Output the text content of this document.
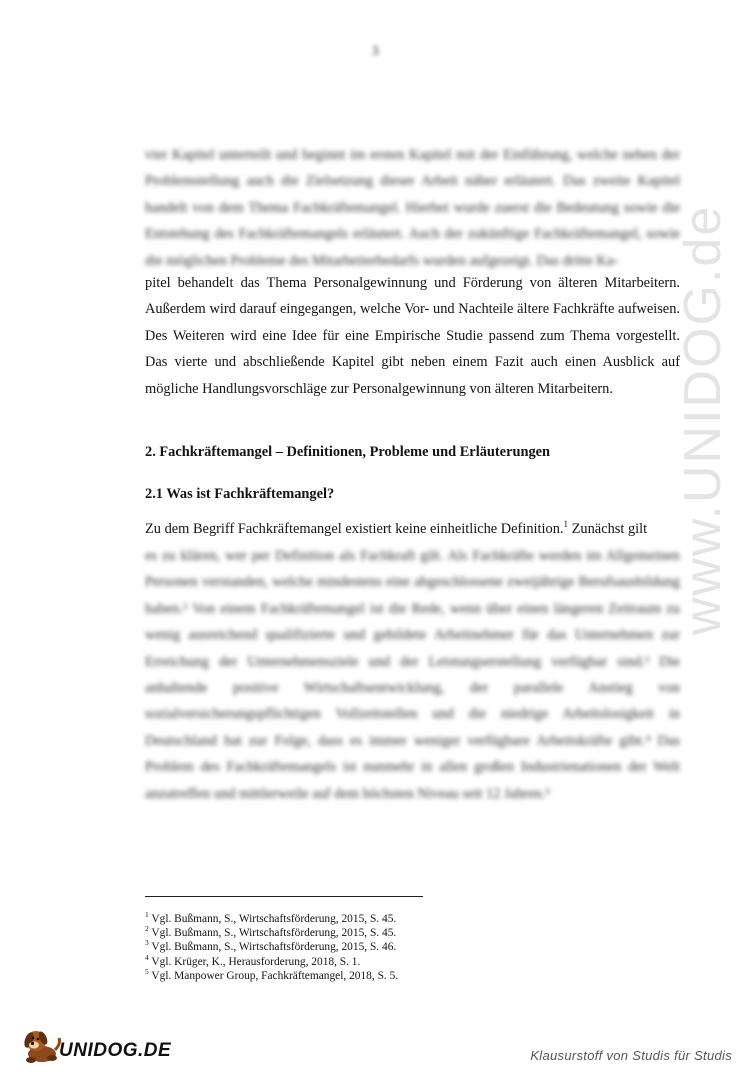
3

vier Kapitel unterteilt und beginnt im ersten Kapitel mit der Einführung, welche neben der Problemstellung auch die Zielsetzung dieser Arbeit näher erläutert. Das zweite Kapitel handelt von dem Thema Fachkräftemangel. Hierbei wurde zuerst die Bedeutung sowie die Entstehung des Fachkräftemangels erläutert. Auch der zukünftige Fachkräftemangel, sowie die möglichen Probleme des Mitarbeiterbedarfs wurden aufgezeigt. Das dritte Ka-

pitel behandelt das Thema Personalgewinnung und Förderung von älteren Mitarbeitern. Außerdem wird darauf eingegangen, welche Vor- und Nachteile ältere Fachkräfte aufweisen. Des Weiteren wird eine Idee für eine Empirische Studie passend zum Thema vorgestellt. Das vierte und abschließende Kapitel gibt neben einem Fazit auch einen Ausblick auf mögliche Handlungsvorschläge zur Personalgewinnung von älteren Mitarbeitern.

2. Fachkräftemangel – Definitionen, Probleme und Erläuterungen
2.1 Was ist Fachkräftemangel?

Zu dem Begriff Fachkräftemangel existiert keine einheitliche Definition.$^1$ Zunächst gilt

es zu klären, wer per Definition als Fachkraft gilt. Als Fachkräfte werden im Allgemeinen Personen verstanden, welche mindestens eine abgeschlossene zweijährige Berufsausbildung haben.² Von einem Fachkräftemangel ist die Rede, wenn über einen längeren Zeitraum zu wenig ausreichend qualifizierte und gebildete Arbeitnehmer für das Unternehmen zur Erreichung der Unternehmensziele und der Leistungserstellung verfügbar sind.³ Die anhaltende positive Wirtschaftsentwicklung, der parallele Anstieg von sozialversicherungspflichtigen Vollzeitstellen und die niedrige Arbeitslosigkeit in Deutschland hat zur Folge, dass es immer weniger verfügbare Arbeitskräfte gibt.⁴ Das Problem des Fachkräftemangels ist nunmehr in allen großen Industrienationen der Welt anzutreffen und mittlerweile auf dem höchsten Niveau seit 12 Jahren.⁵

$^1$ Vgl. Bußmann, S., Wirtschaftsförderung, 2015, S. 45.
$^2$ Vgl. Bußmann, S., Wirtschaftsförderung, 2015, S. 45.
$^3$ Vgl. Bußmann, S., Wirtschaftsförderung, 2015, S. 46.
$^4$ Vgl. Krüger, K., Herausforderung, 2018, S. 1.
$^5$ Vgl. Manpower Group, Fachkräftemangel, 2018, S. 5.
www.UNIDOG.de
UNIDOG.DE	Klausurstoff von Studis für Studis
